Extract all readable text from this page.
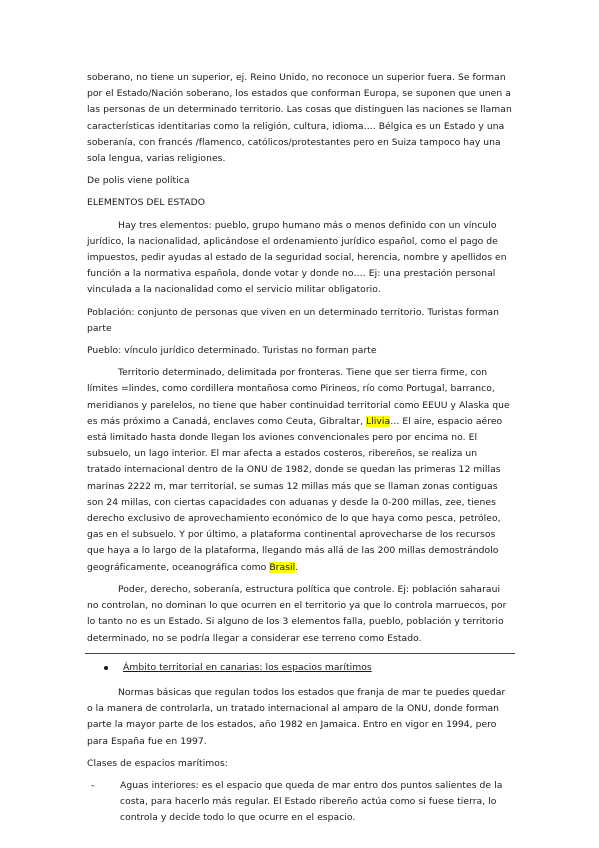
soberano, no tiene un superior, ej. Reino Unido, no reconoce un superior fuera. Se forman por el Estado/Nación soberano, los estados que conforman Europa, se suponen que unen a las personas de un determinado territorio. Las cosas que distinguen las naciones se llaman características identitarias como la religión, cultura, idioma…. Bélgica es un Estado y una soberanía, con francés /flamenco, católicos/protestantes pero en Suiza tampoco hay una sola lengua, varias religiones.

De polis viene política

ELEMENTOS DEL ESTADO

Hay tres elementos: pueblo, grupo humano más o menos definido con un vínculo jurídico, la nacionalidad, aplicándose el ordenamiento jurídico español, como el pago de impuestos, pedir ayudas al estado de la seguridad social, herencia, nombre y apellidos en función a la normativa española, donde votar y donde no…. Ej: una prestación personal vinculada a la nacionalidad como el servicio militar obligatorio.

Población: conjunto de personas que viven en un determinado territorio. Turistas forman parte

Pueblo: vínculo jurídico determinado. Turistas no forman parte

Territorio determinado, delimitada por fronteras. Tiene que ser tierra firme, con límites =lindes, como cordillera montañosa como Pirineos, río como Portugal, barranco, meridianos y parelelos, no tiene que haber continuidad territorial como EEUU y Alaska que es más próximo a Canadá, enclaves como Ceuta, Gibraltar, Llivia… El aire, espacio aéreo está limitado hasta donde llegan los aviones convencionales pero por encima no. El subsuelo, un lago interior. El mar afecta a estados costeros, ribereños, se realiza un tratado internacional dentro de la ONU de 1982, donde se quedan las primeras 12 millas marinas 2222 m, mar territorial, se sumas 12 millas más que se llaman zonas contiguas son 24 millas, con ciertas capacidades con aduanas y desde la 0-200 millas, zee, tienes derecho exclusivo de aprovechamiento económico de lo que haya como pesca, petróleo, gas en el subsuelo. Y por último, a plataforma continental aprovecharse de los recursos que haya a lo largo de la plataforma, llegando más allá de las 200 millas demostrándolo geográficamente, oceanográfica como Brasil.

Poder, derecho, soberanía, estructura política que controle. Ej: población saharaui no controlan, no dominan lo que ocurren en el territorio ya que lo controla marruecos, por lo tanto no es un Estado. Si alguno de los 3 elementos falla, pueblo, población y territorio determinado, no se podría llegar a considerar ese terreno como Estado.

Ámbito territorial en canarias: los espacios marítimos

Normas básicas que regulan todos los estados que franja de mar te puedes quedar o la manera de controlarla, un tratado internacional al amparo de la ONU, donde forman parte la mayor parte de los estados, año 1982 en Jamaica. Entro en vigor en 1994, pero para España fue en 1997.

Clases de espacios marítimos:

-	Aguas interiores: es el espacio que queda de mar entro dos puntos salientes de la costa, para hacerlo más regular. El Estado ribereño actúa como si fuese tierra, lo controla y decide todo lo que ocurre en el espacio.
